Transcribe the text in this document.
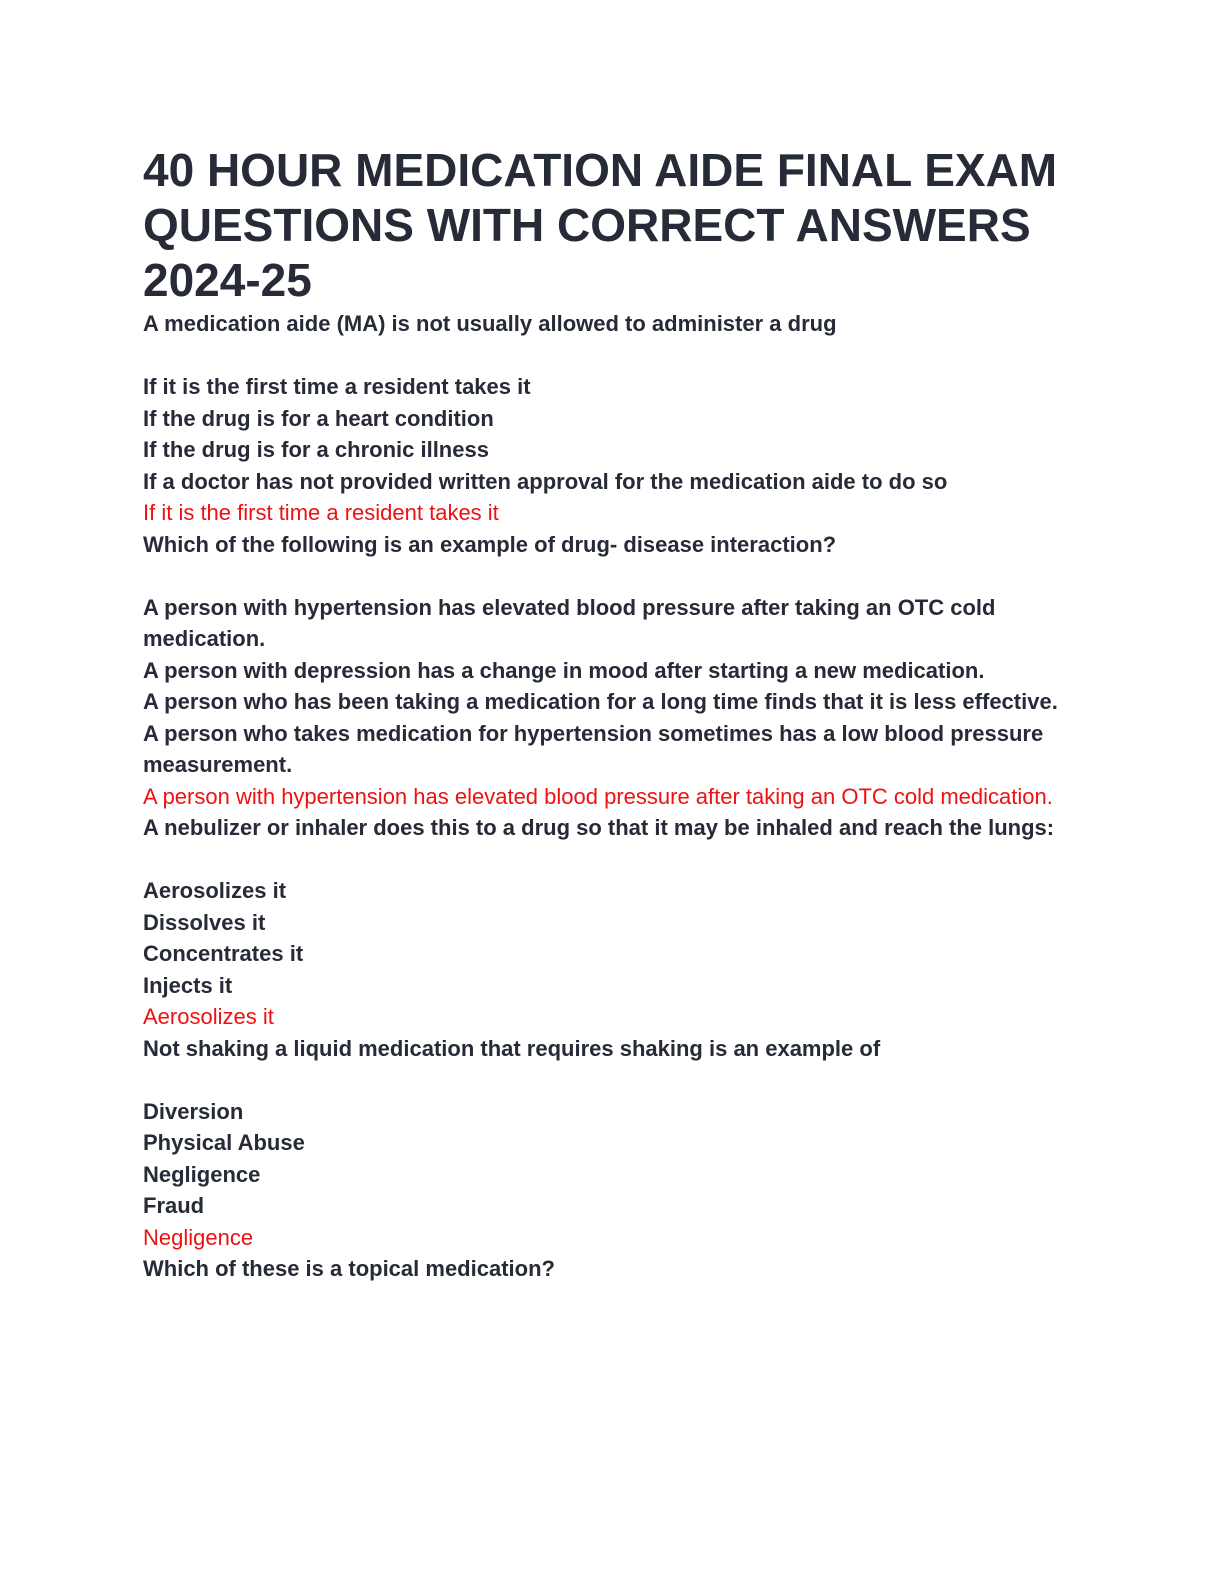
40 HOUR MEDICATION AIDE FINAL EXAM QUESTIONS WITH CORRECT ANSWERS 2024-25

A medication aide (MA) is not usually allowed to administer a drug

If it is the first time a resident takes it

If the drug is for a heart condition

If the drug is for a chronic illness

If a doctor has not provided written approval for the medication aide to do so

If it is the first time a resident takes it

Which of the following is an example of drug- disease interaction?

A person with hypertension has elevated blood pressure after taking an OTC cold medication.

A person with depression has a change in mood after starting a new medication.

A person who has been taking a medication for a long time finds that it is less effective.

A person who takes medication for hypertension sometimes has a low blood pressure measurement.

A person with hypertension has elevated blood pressure after taking an OTC cold medication.

A nebulizer or inhaler does this to a drug so that it may be inhaled and reach the lungs:

Aerosolizes it

Dissolves it

Concentrates it

Injects it

Aerosolizes it

Not shaking a liquid medication that requires shaking is an example of

Diversion

Physical Abuse

Negligence

Fraud

Negligence

Which of these is a topical medication?
